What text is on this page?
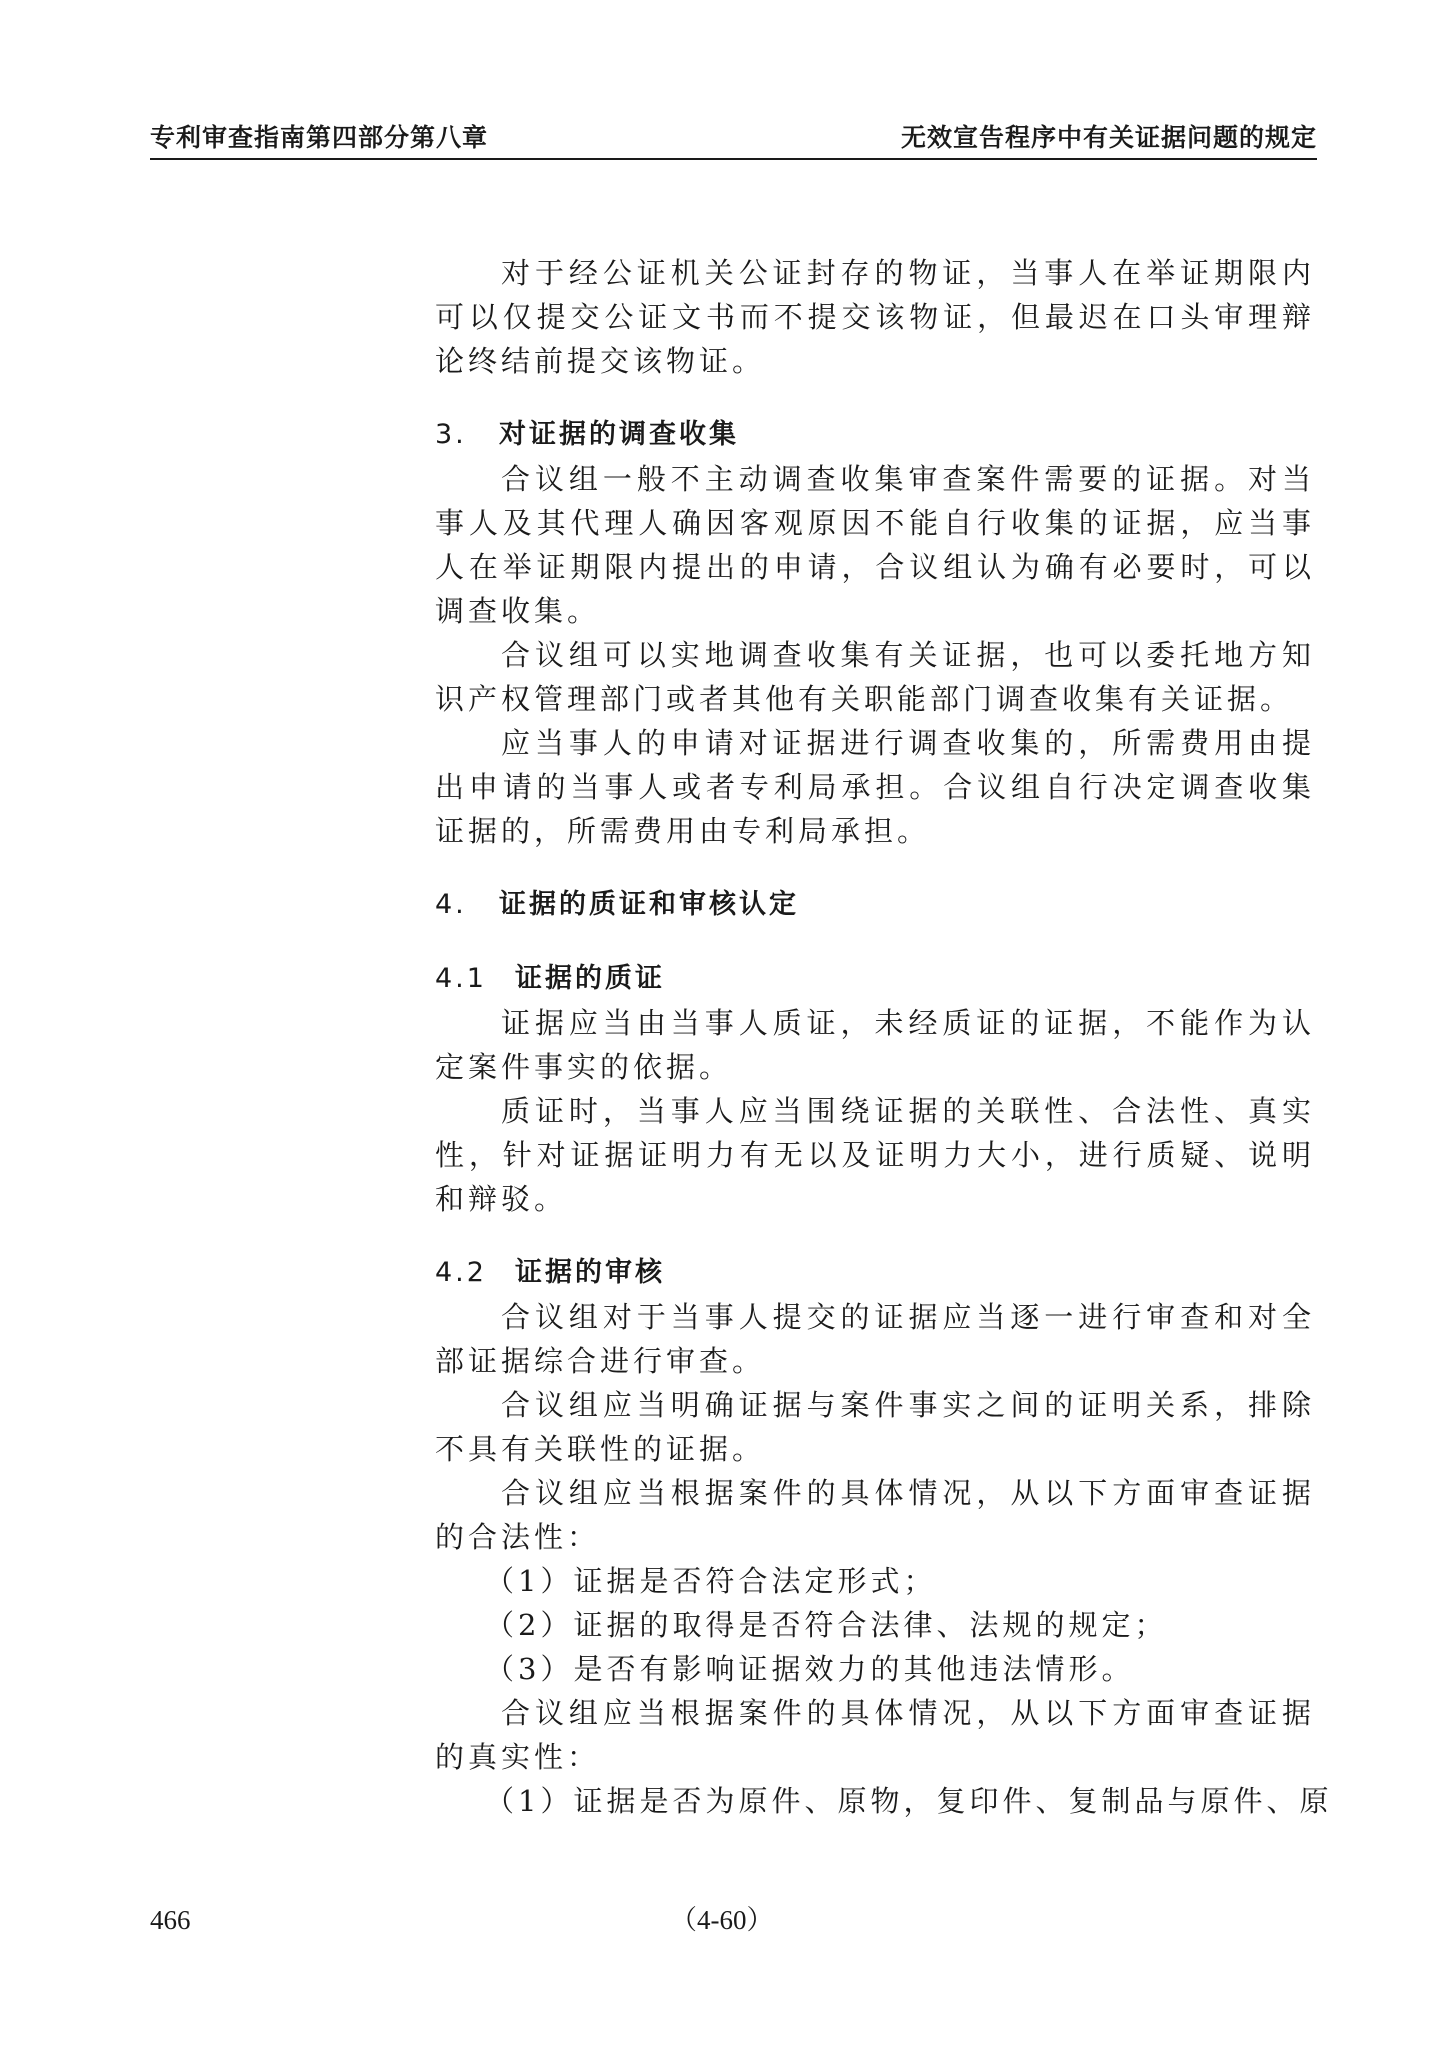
专利审查指南第四部分第八章	无效宣告程序中有关证据问题的规定

对于经公证机关公证封存的物证，当事人在举证期限内可以仅提交公证文书而不提交该物证，但最迟在口头审理辩论终结前提交该物证。

3. 对证据的调查收集

合议组一般不主动调查收集审查案件需要的证据。对当事人及其代理人确因客观原因不能自行收集的证据，应当事人在举证期限内提出的申请，合议组认为确有必要时，可以调查收集。

合议组可以实地调查收集有关证据，也可以委托地方知识产权管理部门或者其他有关职能部门调查收集有关证据。

应当事人的申请对证据进行调查收集的，所需费用由提出申请的当事人或者专利局承担。合议组自行决定调查收集证据的，所需费用由专利局承担。

4. 证据的质证和审核认定

4.1 证据的质证

证据应当由当事人质证，未经质证的证据，不能作为认定案件事实的依据。

质证时，当事人应当围绕证据的关联性、合法性、真实性，针对证据证明力有无以及证明力大小，进行质疑、说明和辩驳。

4.2 证据的审核

合议组对于当事人提交的证据应当逐一进行审查和对全部证据综合进行审查。

合议组应当明确证据与案件事实之间的证明关系，排除不具有关联性的证据。

合议组应当根据案件的具体情况，从以下方面审查证据的合法性：

（1）证据是否符合法定形式；

（2）证据的取得是否符合法律、法规的规定；

（3）是否有影响证据效力的其他违法情形。

合议组应当根据案件的具体情况，从以下方面审查证据的真实性：

（1）证据是否为原件、原物，复印件、复制品与原件、原

466	（4-60）
